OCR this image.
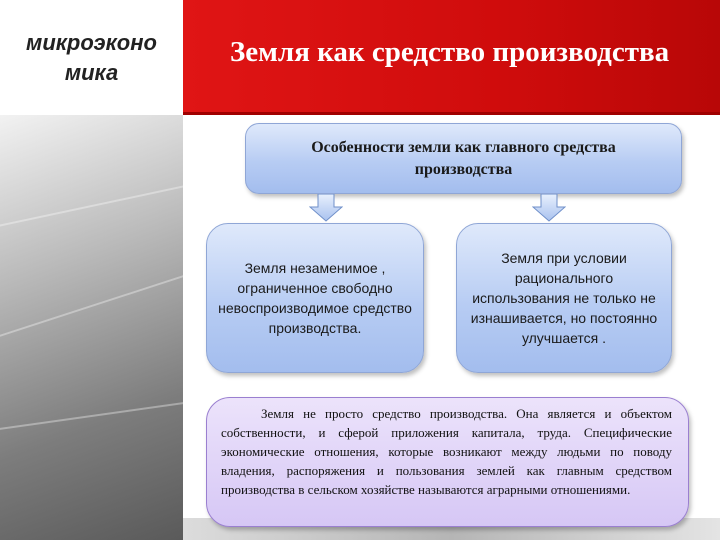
микроэконо мика
Земля как средство производства
Особенности земли как главного средства производства
Земля незаменимое , ограниченное свободно невоспроизводимое средство производства.
Земля при условии рационального использования не только не изнашивается, но постоянно улучшается .
Земля не просто средство производства. Она является и объектом собственности, и сферой приложения капитала, труда. Специфические экономические отношения, которые возникают между людьми по поводу владения, распоряжения и пользования землей как главным средством производства в сельском хозяйстве называются аграрными отношениями.
